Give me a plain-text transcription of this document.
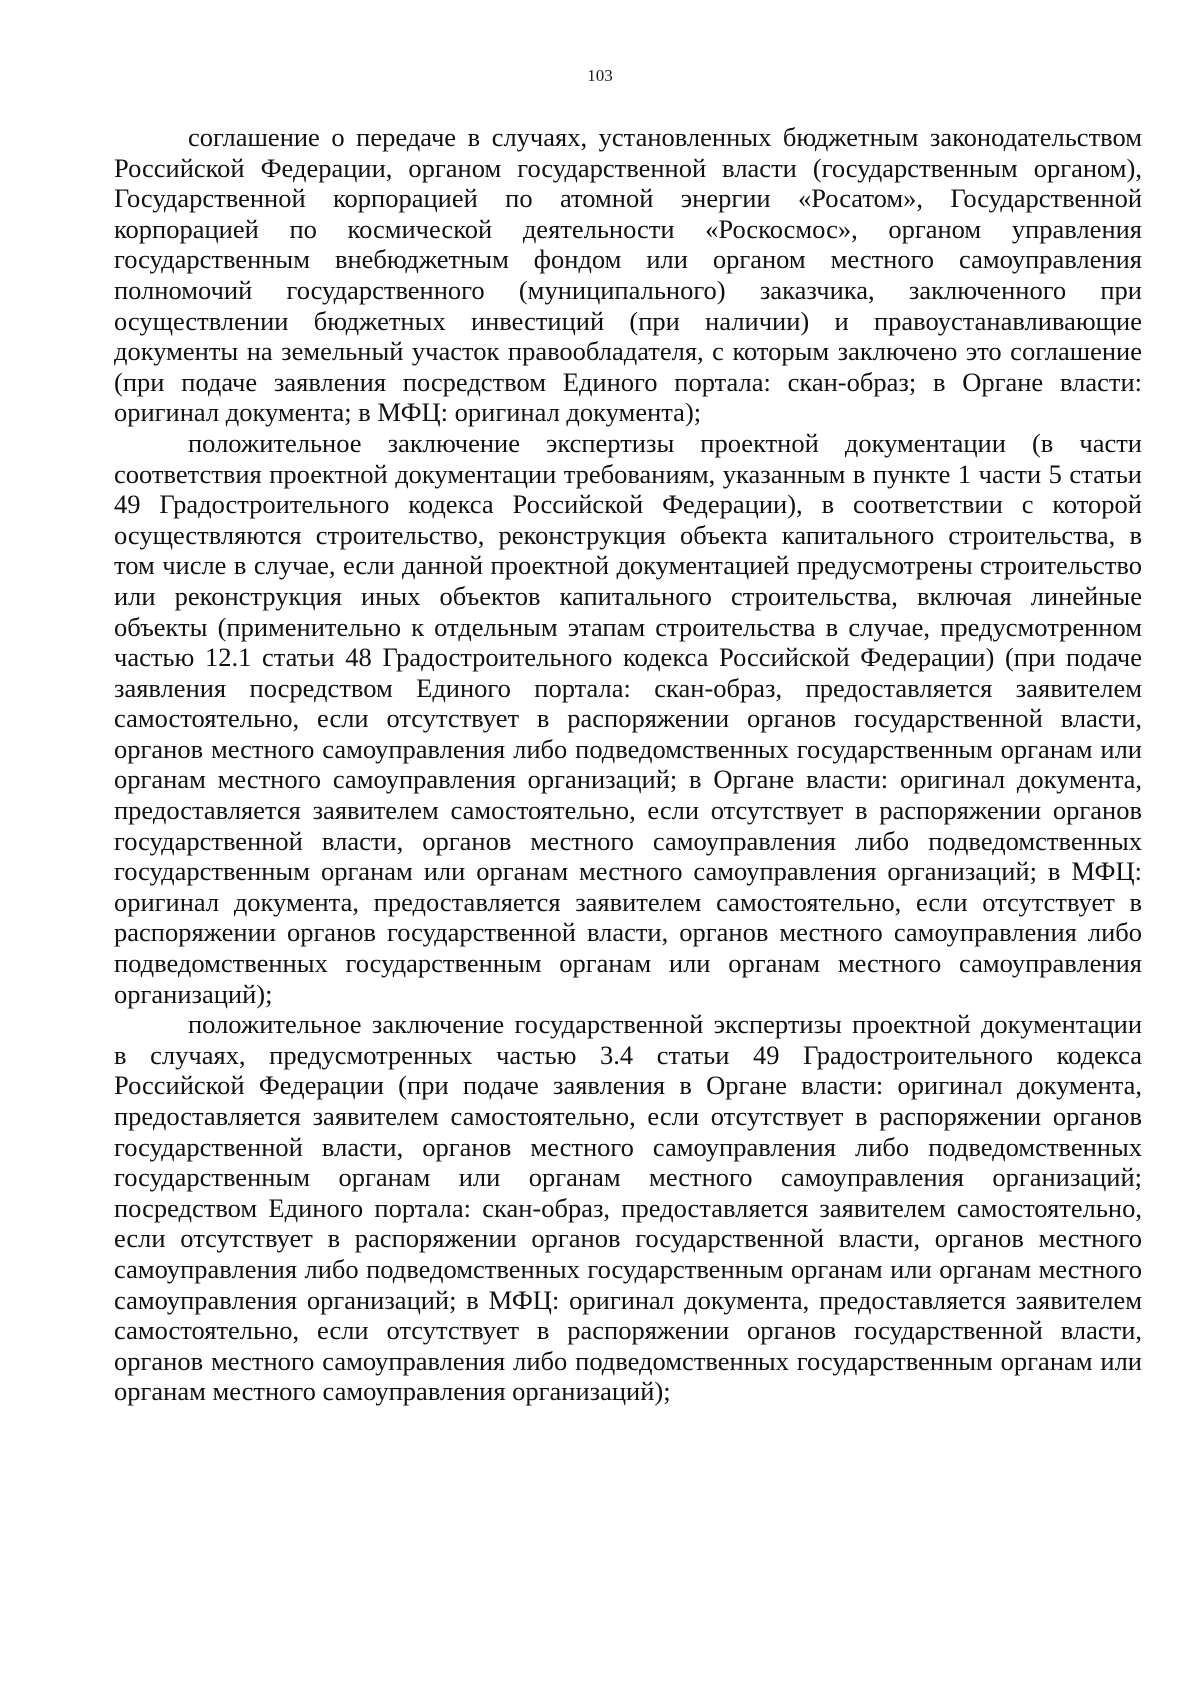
103

соглашение о передаче в случаях, установленных бюджетным законодательством Российской Федерации, органом государственной власти (государственным органом), Государственной корпорацией по атомной энергии «Росатом», Государственной корпорацией по космической деятельности «Роскосмос», органом управления государственным внебюджетным фондом или органом местного самоуправления полномочий государственного (муниципального) заказчика, заключенного при осуществлении бюджетных инвестиций (при наличии) и правоустанавливающие документы на земельный участок правообладателя, с которым заключено это соглашение (при подаче заявления посредством Единого портала: скан-образ; в Органе власти: оригинал документа; в МФЦ: оригинал документа);

положительное заключение экспертизы проектной документации (в части соответствия проектной документации требованиям, указанным в пункте 1 части 5 статьи 49 Градостроительного кодекса Российской Федерации), в соответствии с которой осуществляются строительство, реконструкция объекта капитального строительства, в том числе в случае, если данной проектной документацией предусмотрены строительство или реконструкция иных объектов капитального строительства, включая линейные объекты (применительно к отдельным этапам строительства в случае, предусмотренном частью 12.1 статьи 48 Градостроительного кодекса Российской Федерации) (при подаче заявления посредством Единого портала: скан-образ, предоставляется заявителем самостоятельно, если отсутствует в распоряжении органов государственной власти, органов местного самоуправления либо подведомственных государственным органам или органам местного самоуправления организаций; в Органе власти: оригинал документа, предоставляется заявителем самостоятельно, если отсутствует в распоряжении органов государственной власти, органов местного самоуправления либо подведомственных государственным органам или органам местного самоуправления организаций; в МФЦ: оригинал документа, предоставляется заявителем самостоятельно, если отсутствует в распоряжении органов государственной власти, органов местного самоуправления либо подведомственных государственным органам или органам местного самоуправления организаций);

положительное заключение государственной экспертизы проектной документации в случаях, предусмотренных частью 3.4 статьи 49 Градостроительного кодекса Российской Федерации (при подаче заявления в Органе власти: оригинал документа, предоставляется заявителем самостоятельно, если отсутствует в распоряжении органов государственной власти, органов местного самоуправления либо подведомственных государственным органам или органам местного самоуправления организаций; посредством Единого портала: скан-образ, предоставляется заявителем самостоятельно, если отсутствует в распоряжении органов государственной власти, органов местного самоуправления либо подведомственных государственным органам или органам местного самоуправления организаций; в МФЦ: оригинал документа, предоставляется заявителем самостоятельно, если отсутствует в распоряжении органов государственной власти, органов местного самоуправления либо подведомственных государственным органам или органам местного самоуправления организаций);
